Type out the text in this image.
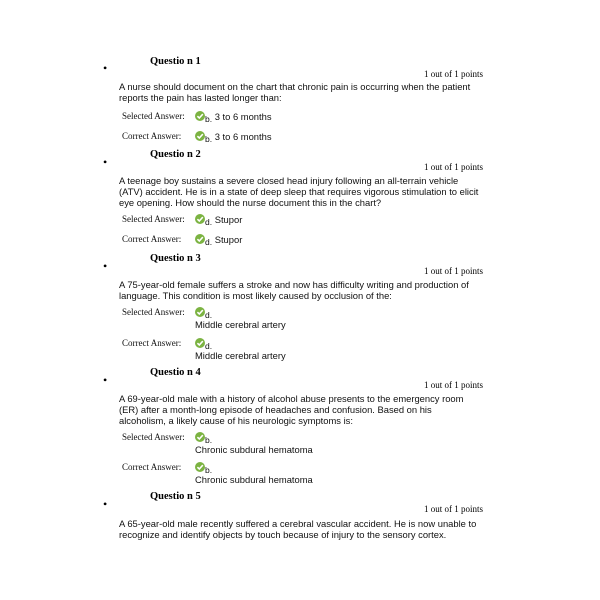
•	Questio n 1
1 out of 1 points
A nurse should document on the chart that chronic pain is occurring when the patient reports the pain has lasted longer than:
Selected Answer:	b. 3 to 6 months
Correct Answer:	b. 3 to 6 months
•
Questio n 2
1 out of 1 points
A teenage boy sustains a severe closed head injury following an all-terrain vehicle (ATV) accident. He is in a state of deep sleep that requires vigorous stimulation to elicit eye opening. How should the nurse document this in the chart?
Selected Answer:	d. Stupor
Correct Answer:	d. Stupor
•
Questio n 3
1 out of 1 points
A 75-year-old female suffers a stroke and now has difficulty writing and production of language. This condition is most likely caused by occlusion of the:
Selected Answer:	d.
Middle cerebral artery
Correct Answer:	d.
Middle cerebral artery
•
Questio n 4
1 out of 1 points
A 69-year-old male with a history of alcohol abuse presents to the emergency room (ER) after a month-long episode of headaches and confusion. Based on his alcoholism, a likely cause of his neurologic symptoms is:
Selected Answer:	b.
Chronic subdural hematoma
Correct Answer:	b.
Chronic subdural hematoma
•
Questio n 5
1 out of 1 points
A 65-year-old male recently suffered a cerebral vascular accident. He is now unable to recognize and identify objects by touch because of injury to the sensory cortex.
